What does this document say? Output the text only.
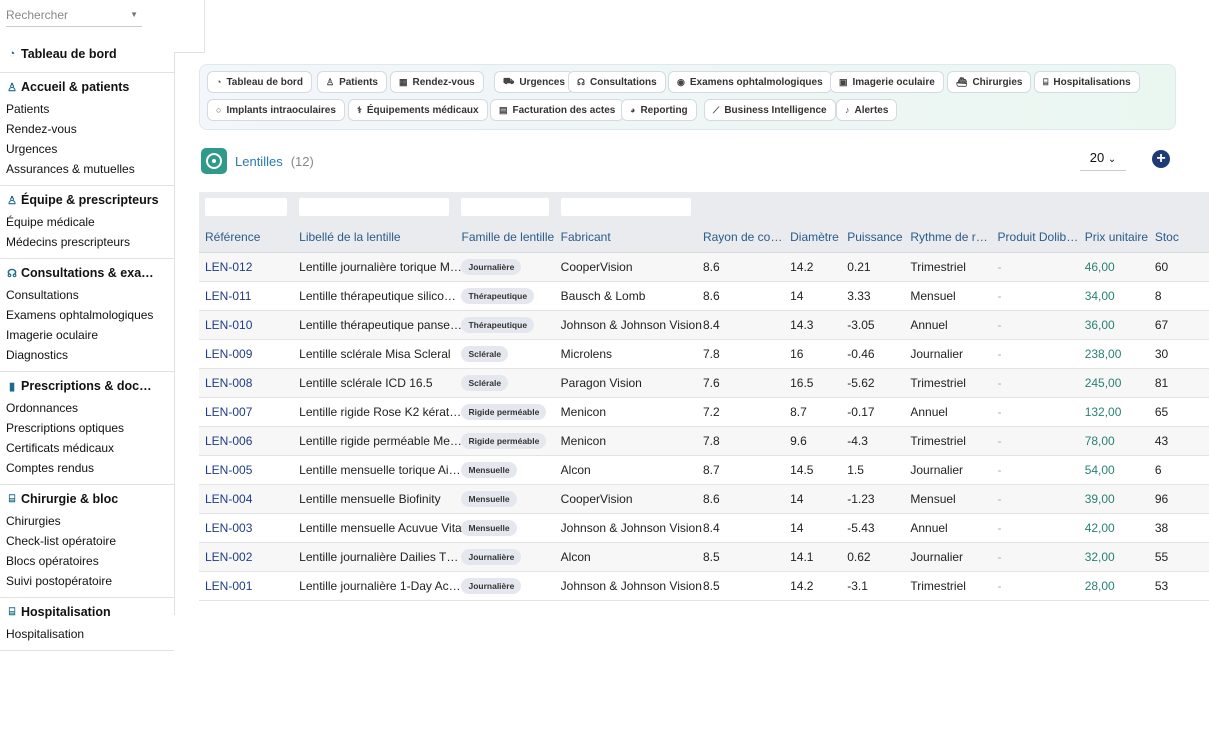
Rechercher	▼
◔ Tableau de bord
♙ Accueil & patients
Patients
Rendez-vous
Urgences
Assurances & mutuelles
♙ Équipe & prescripteurs
Équipe médicale
Médecins prescripteurs
☊ Consultations & exa…
Consultations
Examens ophtalmologiques
Imagerie oculaire
Diagnostics
▮ Prescriptions & doc…
Ordonnances
Prescriptions optiques
Certificats médicaux
Comptes rendus
⌸ Chirurgie & bloc
Chirurgies
Check-list opératoire
Blocs opératoires
Suivi postopératoire
⌸ Hospitalisation
Hospitalisation
◔ Tableau de bord	♙ Patients ▦ Rendez-vous	⛟ Urgences ☊ Consultations ◉ Examens ophtalmologiques ▣ Imagerie oculaire ⛴ Chirurgies ⌸ Hospitalisations
○ Implants intraoculaires ⚕ Équipements médicaux ▤ Facturation des actes ◕ Reporting	⟋ Business Intelligence ♪ Alertes
Lentilles (12)	20 ⌄	+

Référence	Libellé de la lentille	Famille de lentille	Fabricant	Rayon de co…	Diamètre	Puissance	Rythme de r…	Produit Dolib…	Prix unitaire	Stoc
LEN-012	Lentille journalière torique M…	Journalière	CooperVision	8.6	14.2	0.21	Trimestriel	-	46,00	60
LEN-011	Lentille thérapeutique silico…	Thérapeutique	Bausch & Lomb	8.6	14	3.33	Mensuel	-	34,00	8
LEN-010	Lentille thérapeutique panse…	Thérapeutique	Johnson & Johnson Vision	8.4	14.3	-3.05	Annuel	-	36,00	67
LEN-009	Lentille sclérale Misa Scleral	Sclérale	Microlens	7.8	16	-0.46	Journalier	-	238,00	30
LEN-008	Lentille sclérale ICD 16.5	Sclérale	Paragon Vision	7.6	16.5	-5.62	Trimestriel	-	245,00	81
LEN-007	Lentille rigide Rose K2 kérat…	Rigide perméable	Menicon	7.2	8.7	-0.17	Annuel	-	132,00	65
LEN-006	Lentille rigide perméable Me…	Rigide perméable	Menicon	7.8	9.6	-4.3	Trimestriel	-	78,00	43
LEN-005	Lentille mensuelle torique Ai…	Mensuelle	Alcon	8.7	14.5	1.5	Journalier	-	54,00	6
LEN-004	Lentille mensuelle Biofinity	Mensuelle	CooperVision	8.6	14	-1.23	Mensuel	-	39,00	96
LEN-003	Lentille mensuelle Acuvue Vita	Mensuelle	Johnson & Johnson Vision	8.4	14	-5.43	Annuel	-	42,00	38
LEN-002	Lentille journalière Dailies T…	Journalière	Alcon	8.5	14.1	0.62	Journalier	-	32,00	55
LEN-001	Lentille journalière 1-Day Ac…	Journalière	Johnson & Johnson Vision	8.5	14.2	-3.1	Trimestriel	-	28,00	53
